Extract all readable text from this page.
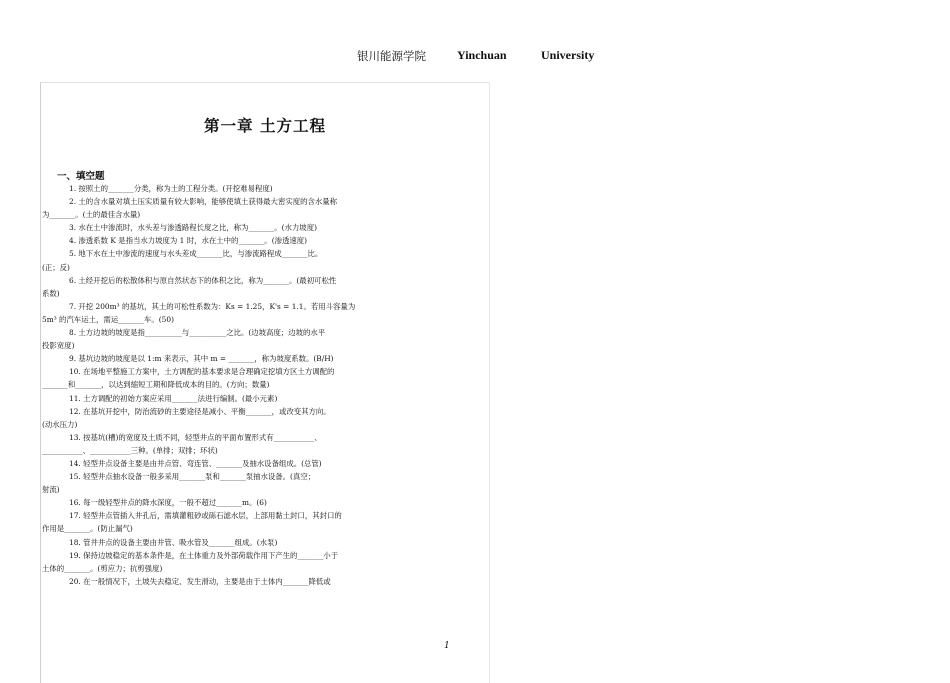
银川能源学院	Yinchuan	University
第一章 土方工程
一、填空题
1. 按照土的_______分类，称为土的工程分类。(开挖难易程度)
2. 土的含水量对填土压实质量有较大影响，能够使填土获得最大密实度的含水量称
为_______。(土的最佳含水量)
3. 水在土中渗流时，水头差与渗透路程长度之比，称为_______。(水力坡度)
4. 渗透系数 K 是指当水力坡度为 1 时，水在土中的_______。(渗透速度)
5. 地下水在土中渗流的速度与水头差成_______比，与渗流路程成_______比。
(正；反)
6. 土经开挖后的松散体积与原自然状态下的体积之比，称为_______。(最初可松性
系数)
7. 开挖 200m³ 的基坑，其土的可松性系数为：Ks = 1.25，K's = 1.1。若用斗容量为
5m³ 的汽车运土，需运_______车。(50)
8. 土方边坡的坡度是指__________与__________之比。(边坡高度；边坡的水平
投影宽度)
9. 基坑边坡的坡度是以 1:m 来表示，其中 m = _______，称为坡度系数。(B/H)
10. 在场地平整施工方案中，土方调配的基本要求是合理确定挖填方区土方调配的
_______和_______，以达到缩短工期和降低成本的目的。(方向；数量)
11. 土方调配的初始方案应采用_______法进行编制。(最小元素)
12. 在基坑开挖中，防治流砂的主要途径是减小、平衡_______，或改变其方向。
(动水压力)
13. 按基坑(槽)的宽度及土质不同，轻型井点的平面布置形式有___________、
___________、___________三种。(单排；双排；环状)
14. 轻型井点设备主要是由井点管、弯连管、_______及抽水设备组成。(总管)
15. 轻型井点抽水设备一般多采用_______泵和_______泵抽水设备。(真空；
射流)
16. 每一级轻型井点的降水深度，一般不超过_______m。(6)
17. 轻型井点管插入井孔后，需填灌粗砂或砾石滤水层，上部用黏土封口，其封口的
作用是_______。(防止漏气)
18. 管井井点的设备主要由井管、吸水管及_______组成。(水泵)
19. 保持边坡稳定的基本条件是，在土体重力及外部荷载作用下产生的_______小于
土体的_______。(剪应力；抗剪强度)
20. 在一般情况下，土坡失去稳定、发生滑动，主要是由于土体内_______降低或
1
